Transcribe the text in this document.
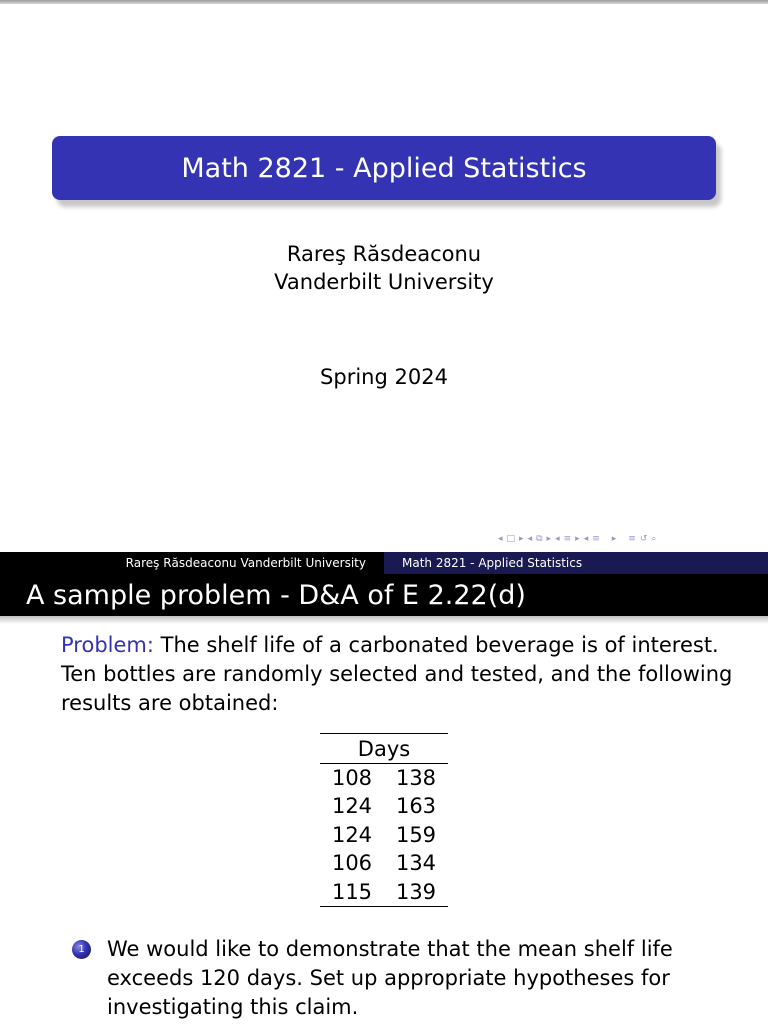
Math 2821 - Applied Statistics
Rareş Răsdeaconu
Vanderbilt University
Spring 2024
◂ □ ▸ ◂ ⧉ ▸ ◂ ≡ ▸ ◂ ≡ ▸ ≡ ↺ ⌕
Rareş Răsdeaconu Vanderbilt University	Math 2821 - Applied Statistics
A sample problem - D&A of E 2.22(d)
Problem: The shelf life of a carbonated beverage is of interest. Ten bottles are randomly selected and tested, and the following results are obtained:
Days	
108	138
124	163
124	159
106	134
115	139
1	We would like to demonstrate that the mean shelf life exceeds 120 days. Set up appropriate hypotheses for investigating this claim.
